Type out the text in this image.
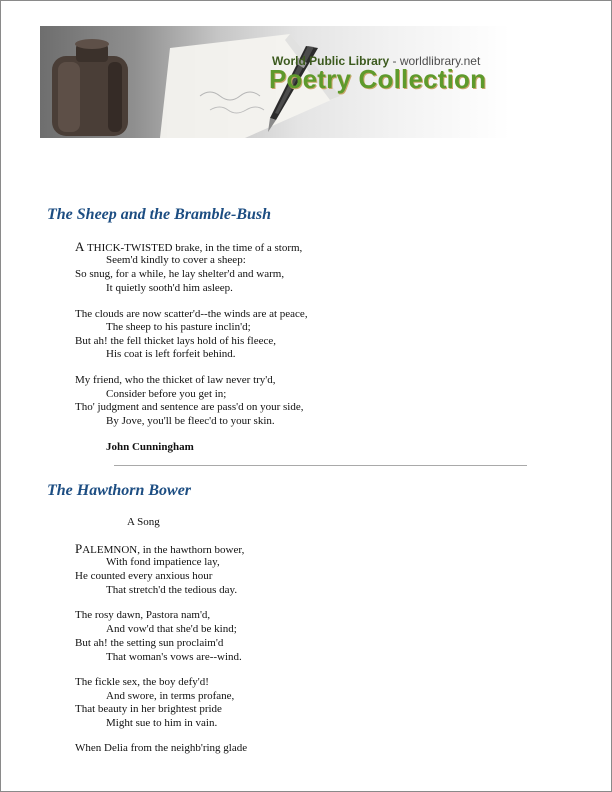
World Public Library - worldlibrary.net
Poetry Collection
The Sheep and the Bramble-Bush
A THICK-TWISTED brake, in the time of a storm,
Seem'd kindly to cover a sheep:
So snug, for a while, he lay shelter'd and warm,
It quietly sooth'd him asleep.
The clouds are now scatter'd--the winds are at peace,
The sheep to his pasture inclin'd;
But ah! the fell thicket lays hold of his fleece,
His coat is left forfeit behind.
My friend, who the thicket of law never try'd,
Consider before you get in;
Tho' judgment and sentence are pass'd on your side,
By Jove, you'll be fleec'd to your skin.
John Cunningham
The Hawthorn Bower
A Song
PALEMNON, in the hawthorn bower,
With fond impatience lay,
He counted every anxious hour
That stretch'd the tedious day.
The rosy dawn, Pastora nam'd,
And vow'd that she'd be kind;
But ah! the setting sun proclaim'd
That woman's vows are--wind.
The fickle sex, the boy defy'd!
And swore, in terms profane,
That beauty in her brightest pride
Might sue to him in vain.
When Delia from the neighb'ring glade
